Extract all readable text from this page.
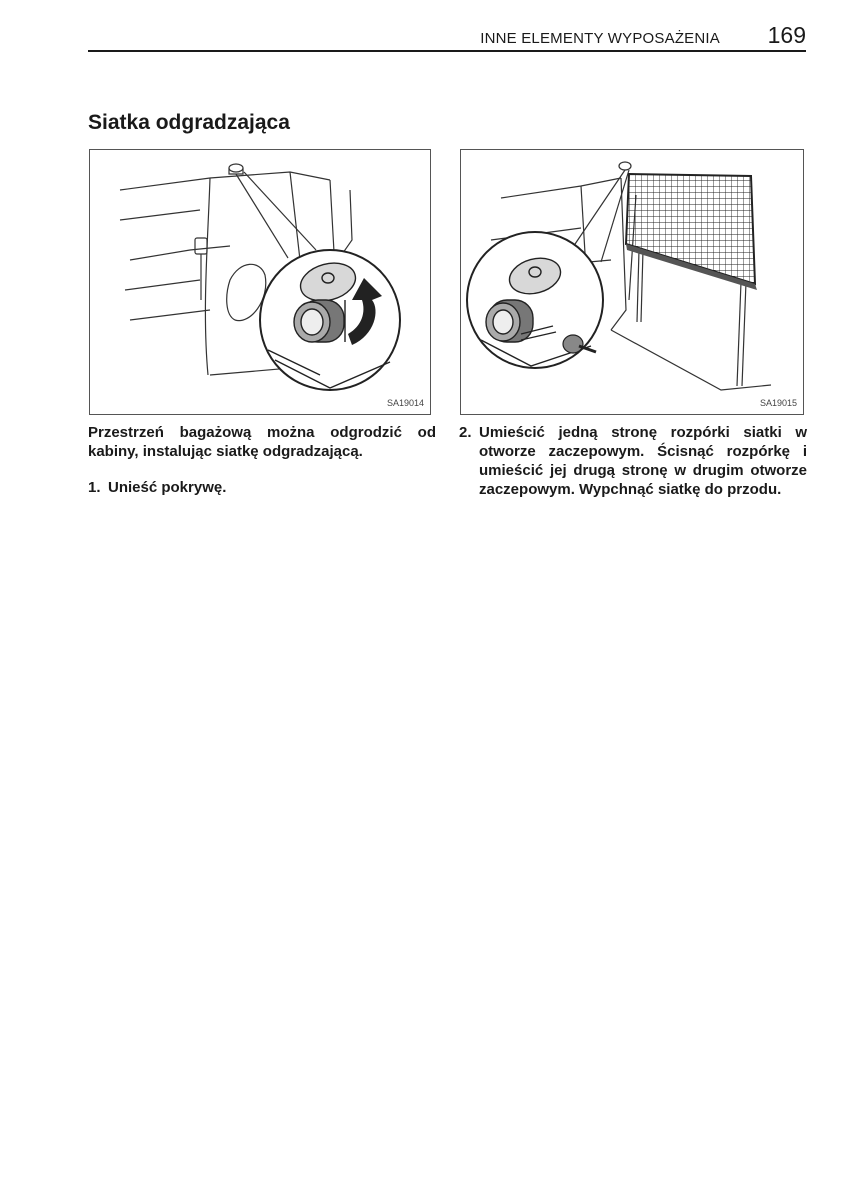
INNE ELEMENTY WYPOSAŻENIA 169
Siatka odgradzająca
SA19014	SA19015

Przestrzeń bagażową można odgrodzić od kabiny, instalując siatkę odgradzającą.

1. Unieść pokrywę.
2. Umieścić jedną stronę rozpórki siatki w otworze zaczepowym. Ścisnąć rozpórkę i umieścić jej drugą stronę w drugim otworze zaczepowym. Wypchnąć siatkę do przodu.
